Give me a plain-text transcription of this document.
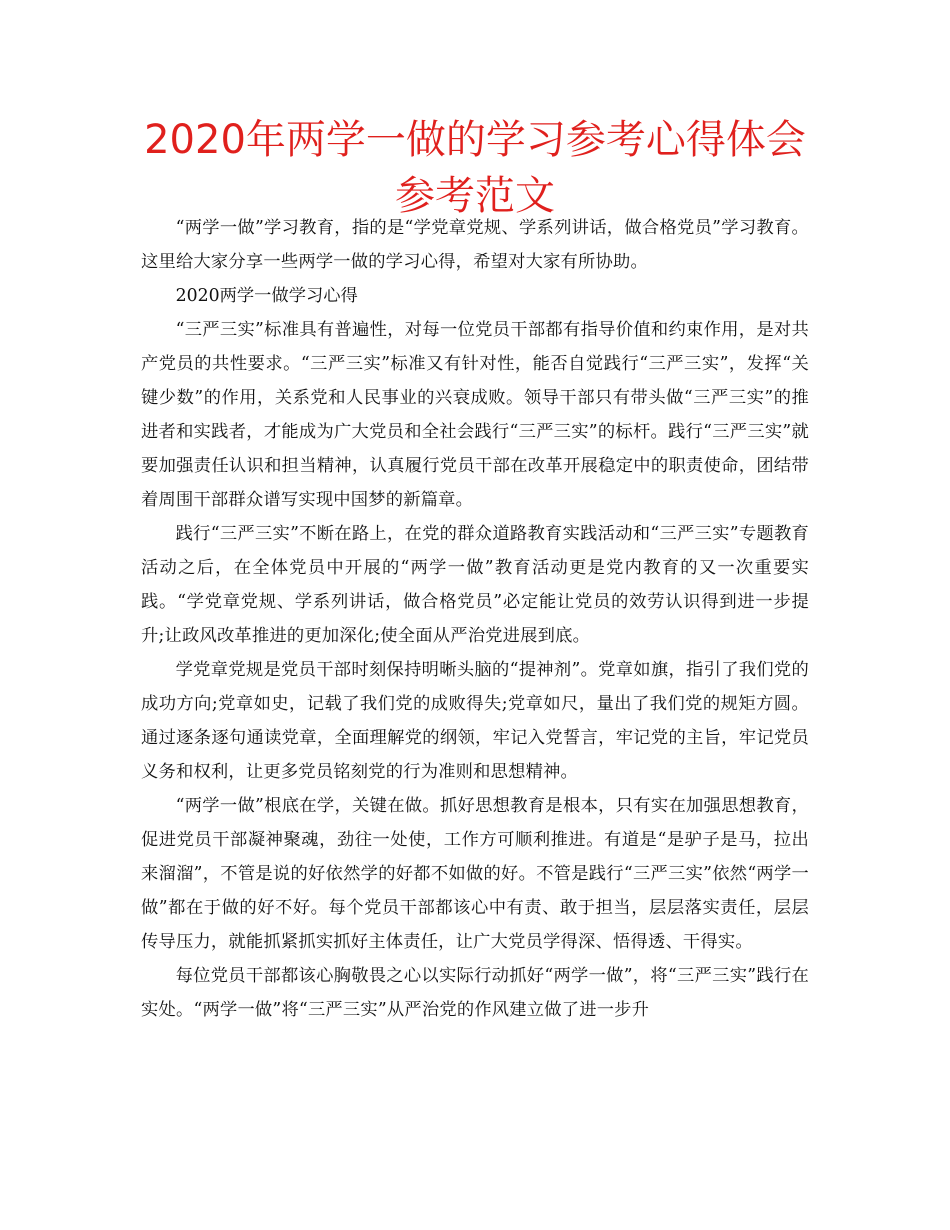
2020年两学一做的学习参考心得体会参考范文

“两学一做”学习教育，指的是“学党章党规、学系列讲话，做合格党员”学习教育。这里给大家分享一些两学一做的学习心得，希望对大家有所协助。

2020两学一做学习心得

“三严三实”标准具有普遍性，对每一位党员干部都有指导价值和约束作用，是对共产党员的共性要求。“三严三实”标准又有针对性，能否自觉践行“三严三实”，发挥“关键少数”的作用，关系党和人民事业的兴衰成败。领导干部只有带头做“三严三实”的推进者和实践者，才能成为广大党员和全社会践行“三严三实”的标杆。践行“三严三实”就要加强责任认识和担当精神，认真履行党员干部在改革开展稳定中的职责使命，团结带着周围干部群众谱写实现中国梦的新篇章。

践行“三严三实”不断在路上，在党的群众道路教育实践活动和“三严三实”专题教育活动之后，在全体党员中开展的“两学一做”教育活动更是党内教育的又一次重要实践。“学党章党规、学系列讲话，做合格党员”必定能让党员的效劳认识得到进一步提升;让政风改革推进的更加深化;使全面从严治党进展到底。

学党章党规是党员干部时刻保持明晰头脑的“提神剂”。党章如旗，指引了我们党的成功方向;党章如史，记载了我们党的成败得失;党章如尺，量出了我们党的规矩方圆。通过逐条逐句通读党章，全面理解党的纲领，牢记入党誓言，牢记党的主旨，牢记党员义务和权利，让更多党员铭刻党的行为准则和思想精神。

“两学一做”根底在学，关键在做。抓好思想教育是根本，只有实在加强思想教育，促进党员干部凝神聚魂，劲往一处使，工作方可顺利推进。有道是“是驴子是马，拉出来溜溜”，不管是说的好依然学的好都不如做的好。不管是践行“三严三实”依然“两学一做”都在于做的好不好。每个党员干部都该心中有责、敢于担当，层层落实责任，层层传导压力，就能抓紧抓实抓好主体责任，让广大党员学得深、悟得透、干得实。

每位党员干部都该心胸敬畏之心以实际行动抓好“两学一做”，将“三严三实”践行在实处。“两学一做”将“三严三实”从严治党的作风建立做了进一步升
